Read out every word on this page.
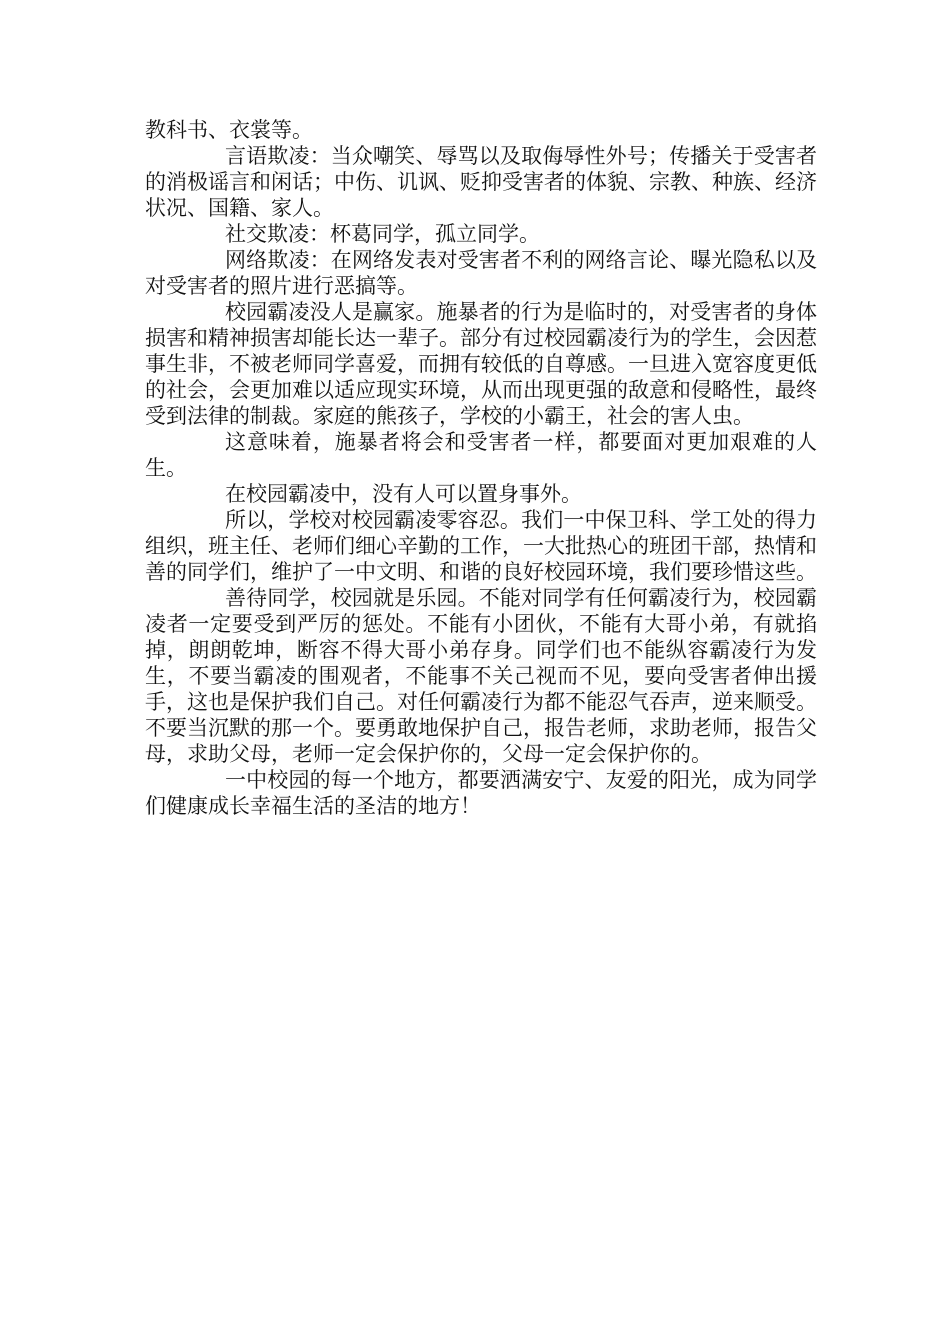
教科书、衣裳等。

言语欺凌：当众嘲笑、辱骂以及取侮辱性外号；传播关于受害者的消极谣言和闲话；中伤、讥讽、贬抑受害者的体貌、宗教、种族、经济状况、国籍、家人。

社交欺凌：杯葛同学，孤立同学。

网络欺凌：在网络发表对受害者不利的网络言论、曝光隐私以及对受害者的照片进行恶搞等。

校园霸凌没人是赢家。施暴者的行为是临时的，对受害者的身体损害和精神损害却能长达一辈子。部分有过校园霸凌行为的学生，会因惹事生非，不被老师同学喜爱，而拥有较低的自尊感。一旦进入宽容度更低的社会，会更加难以适应现实环境，从而出现更强的敌意和侵略性，最终受到法律的制裁。家庭的熊孩子，学校的小霸王，社会的害人虫。

这意味着，施暴者将会和受害者一样，都要面对更加艰难的人生。

在校园霸凌中，没有人可以置身事外。

所以，学校对校园霸凌零容忍。我们一中保卫科、学工处的得力组织，班主任、老师们细心辛勤的工作，一大批热心的班团干部，热情和善的同学们，维护了一中文明、和谐的良好校园环境，我们要珍惜这些。

善待同学，校园就是乐园。不能对同学有任何霸凌行为，校园霸凌者一定要受到严厉的惩处。不能有小团伙，不能有大哥小弟，有就掐掉，朗朗乾坤，断容不得大哥小弟存身。同学们也不能纵容霸凌行为发生，不要当霸凌的围观者，不能事不关己视而不见，要向受害者伸出援手，这也是保护我们自己。对任何霸凌行为都不能忍气吞声，逆来顺受。不要当沉默的那一个。要勇敢地保护自己，报告老师，求助老师，报告父母，求助父母，老师一定会保护你的，父母一定会保护你的。

一中校园的每一个地方，都要洒满安宁、友爱的阳光，成为同学们健康成长幸福生活的圣洁的地方！
